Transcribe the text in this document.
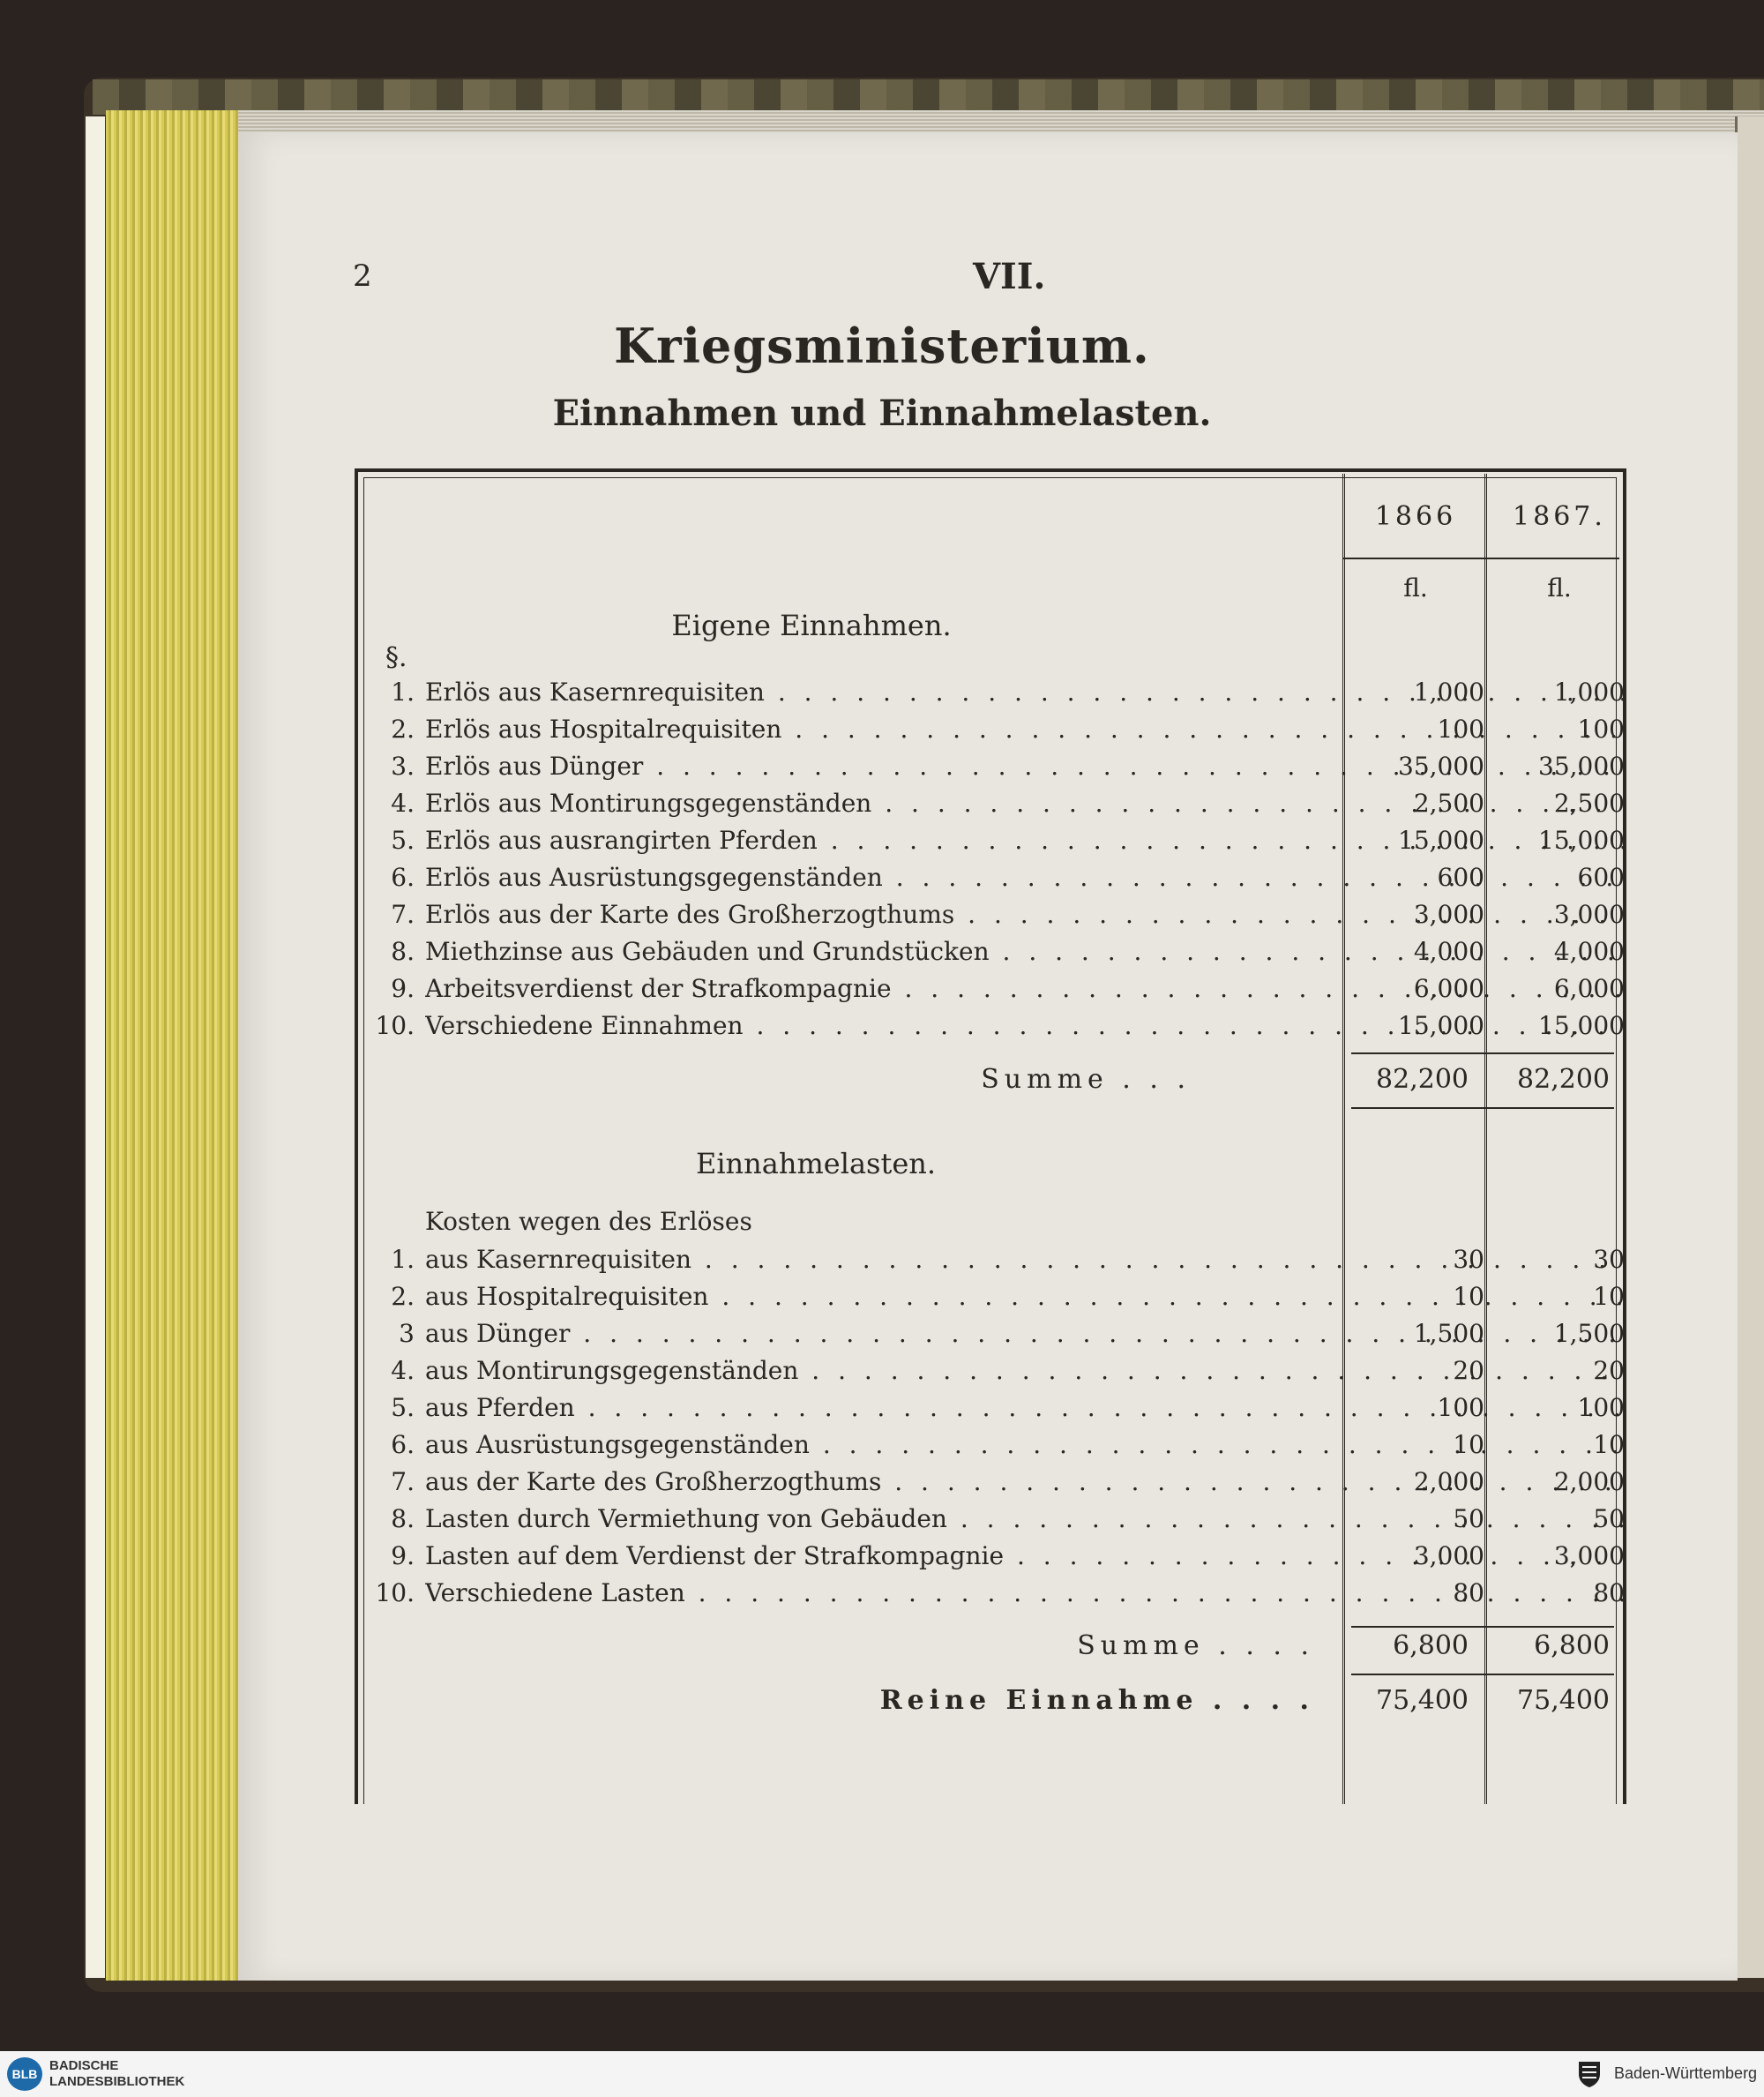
2	VII.
Kriegsministerium.
Einnahmen und Einnahmelasten.
1866	1867.
fl.	fl.
Eigene Einnahmen.
§.
1. Erlös aus Kasernrequisiten . . .	1,000	1,000
2. Erlös aus Hospitalrequisiten . . .	100	100
3. Erlös aus Dünger . . .	35,000	35,000
4. Erlös aus Montirungsgegenständen . . .	2,500	2,500
5. Erlös aus ausrangirten Pferden . . .	15,000	15,000
6. Erlös aus Ausrüstungsgegenständen . . .	600	600
7. Erlös aus der Karte des Großherzogthums . . .	3,000	3,000
8. Miethzinse aus Gebäuden und Grundstücken . . .	4,000	4,000
9. Arbeitsverdienst der Strafkompagnie . . .	6,000	6,000
10. Verschiedene Einnahmen . . .	15,000	15,000
Summe . . .	82,200	82,200
Einnahmelasten.
Kosten wegen des Erlöses
1. aus Kasernrequisiten . . .	30	30
2. aus Hospitalrequisiten . . .	10	10
3 aus Dünger . . .	1,500	1,500
4. aus Montirungsgegenständen . . .	20	20
5. aus Pferden . . .	100	100
6. aus Ausrüstungsgegenständen . . .	10	10
7. aus der Karte des Großherzogthums . . .	2,000	2,000
8. Lasten durch Vermiethung von Gebäuden . . .	50	50
9. Lasten auf dem Verdienst der Strafkompagnie . . .	3,000	3,000
10. Verschiedene Lasten . . .	80	80
Summe . . . .	6,800	6,800
Reine Einnahme . . . .	75,400	75,400
BLB
BADISCHE
LANDESBIBLIOTHEK	Baden-Württemberg
